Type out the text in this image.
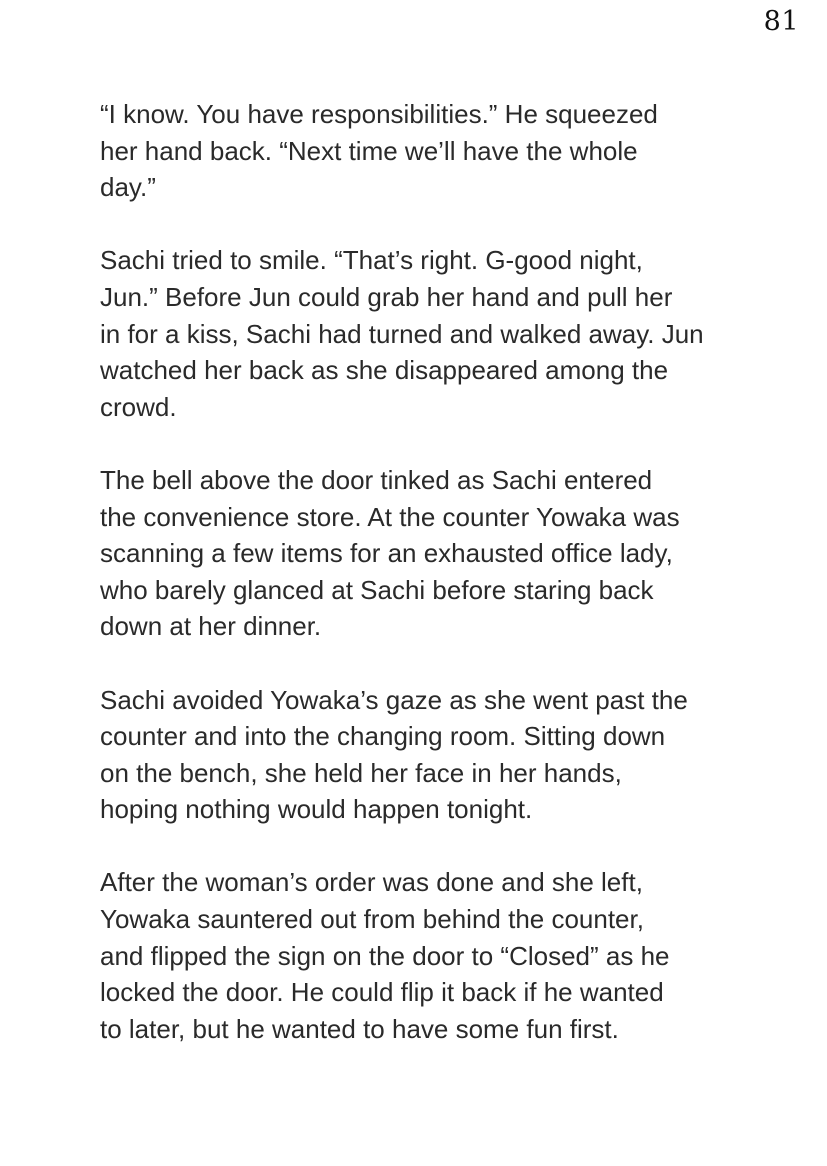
81

“I know. You have responsibilities.” He squeezed
her hand back. “Next time we’ll have the whole
day.”

Sachi tried to smile. “That’s right. G-good night,
Jun.” Before Jun could grab her hand and pull her
in for a kiss, Sachi had turned and walked away. Jun
watched her back as she disappeared among the
crowd.

The bell above the door tinked as Sachi entered
the convenience store. At the counter Yowaka was
scanning a few items for an exhausted office lady,
who barely glanced at Sachi before staring back
down at her dinner.

Sachi avoided Yowaka’s gaze as she went past the
counter and into the changing room. Sitting down
on the bench, she held her face in her hands,
hoping nothing would happen tonight.

After the woman’s order was done and she left,
Yowaka sauntered out from behind the counter,
and flipped the sign on the door to “Closed” as he
locked the door. He could flip it back if he wanted
to later, but he wanted to have some fun first.
